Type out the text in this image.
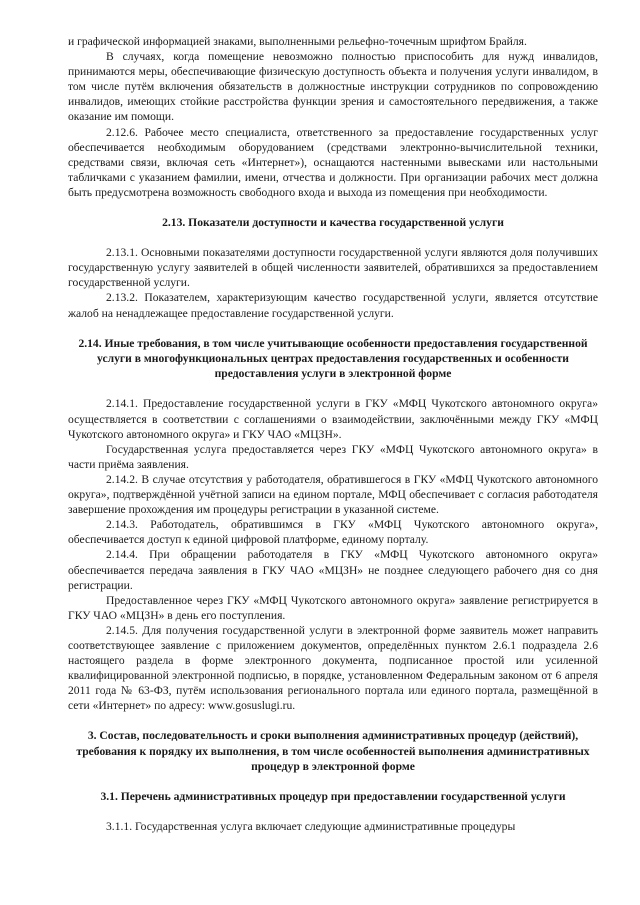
и графической информацией знаками, выполненными рельефно-точечным шрифтом Брайля.

В случаях, когда помещение невозможно полностью приспособить для нужд инвалидов, принимаются меры, обеспечивающие физическую доступность объекта и получения услуги инвалидом, в том числе путём включения обязательств в должностные инструкции сотрудников по сопровождению инвалидов, имеющих стойкие расстройства функции зрения и самостоятельного передвижения, а также оказание им помощи.

2.12.6. Рабочее место специалиста, ответственного за предоставление государственных услуг обеспечивается необходимым оборудованием (средствами электронно-вычислительной техники, средствами связи, включая сеть «Интернет»), оснащаются настенными вывесками или настольными табличками с указанием фамилии, имени, отчества и должности. При организации рабочих мест должна быть предусмотрена возможность свободного входа и выхода из помещения при необходимости.

2.13. Показатели доступности и качества государственной услуги

2.13.1. Основными показателями доступности государственной услуги являются доля получивших государственную услугу заявителей в общей численности заявителей, обратившихся за предоставлением государственной услуги.

2.13.2. Показателем, характеризующим качество государственной услуги, является отсутствие жалоб на ненадлежащее предоставление государственной услуги.

2.14. Иные требования, в том числе учитывающие особенности предоставления государственной услуги в многофункциональных центрах предоставления государственных и особенности предоставления услуги в электронной форме

2.14.1. Предоставление государственной услуги в ГКУ «МФЦ Чукотского автономного округа» осуществляется в соответствии с соглашениями о взаимодействии, заключёнными между ГКУ «МФЦ Чукотского автономного округа» и ГКУ ЧАО «МЦЗН».

Государственная услуга предоставляется через ГКУ «МФЦ Чукотского автономного округа» в части приёма заявления.

2.14.2. В случае отсутствия у работодателя, обратившегося в ГКУ «МФЦ Чукотского автономного округа», подтверждённой учётной записи на едином портале, МФЦ обеспечивает с согласия работодателя завершение прохождения им процедуры регистрации в указанной системе.

2.14.3. Работодатель, обратившимся в ГКУ «МФЦ Чукотского автономного округа», обеспечивается доступ к единой цифровой платформе, единому порталу.

2.14.4. При обращении работодателя в ГКУ «МФЦ Чукотского автономного округа» обеспечивается передача заявления в ГКУ ЧАО «МЦЗН» не позднее следующего рабочего дня со дня регистрации.

Предоставленное через ГКУ «МФЦ Чукотского автономного округа» заявление регистрируется в ГКУ ЧАО «МЦЗН» в день его поступления.

2.14.5. Для получения государственной услуги в электронной форме заявитель может направить соответствующее заявление с приложением документов, определённых пунктом 2.6.1 подраздела 2.6 настоящего раздела в форме электронного документа, подписанное простой или усиленной квалифицированной электронной подписью, в порядке, установленном Федеральным законом от 6 апреля 2011 года № 63-ФЗ, путём использования регионального портала или единого портала, размещённой в сети «Интернет» по адресу: www.gosuslugi.ru.

3. Состав, последовательность и сроки выполнения административных процедур (действий), требования к порядку их выполнения, в том числе особенностей выполнения административных процедур в электронной форме

3.1. Перечень административных процедур при предоставлении государственной услуги

3.1.1. Государственная услуга включает следующие административные процедуры
